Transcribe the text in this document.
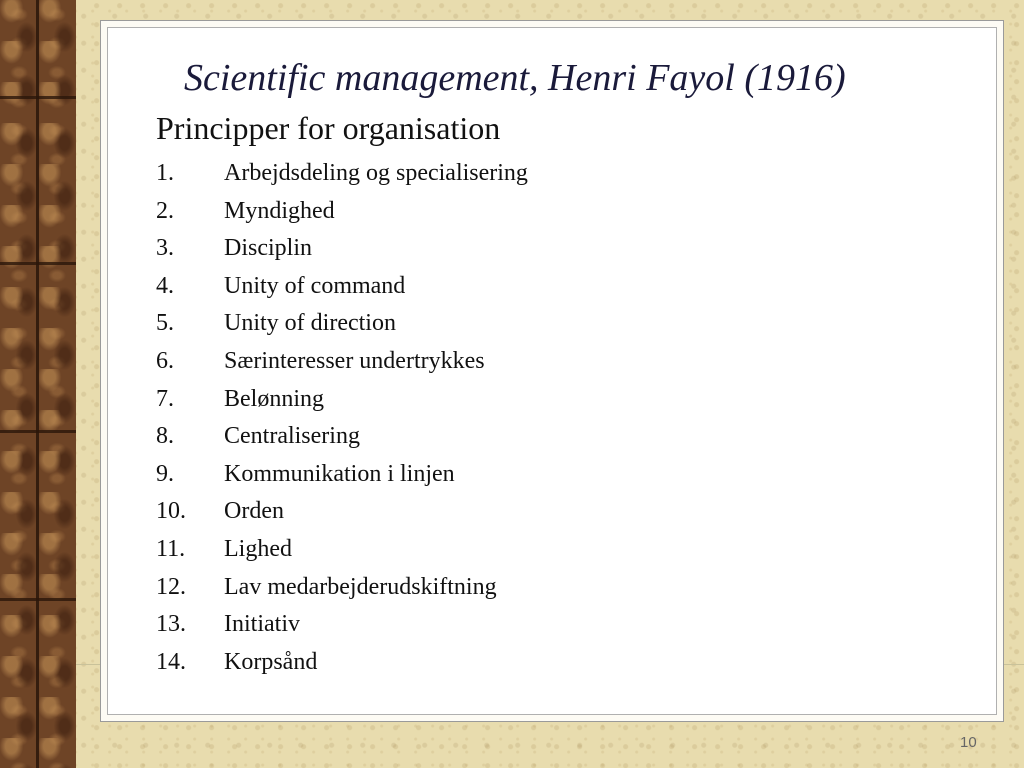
Scientific management, Henri Fayol (1916)
Principper for organisation
1.	Arbejdsdeling og specialisering
2.	Myndighed
3.	Disciplin
4.	Unity of command
5.	Unity of direction
6.	Særinteresser undertrykkes
7.	Belønning
8.	Centralisering
9.	Kommunikation i linjen
10.	Orden
11.	Lighed
12.	Lav medarbejderudskiftning
13.	Initiativ
14.	Korpsånd
10
